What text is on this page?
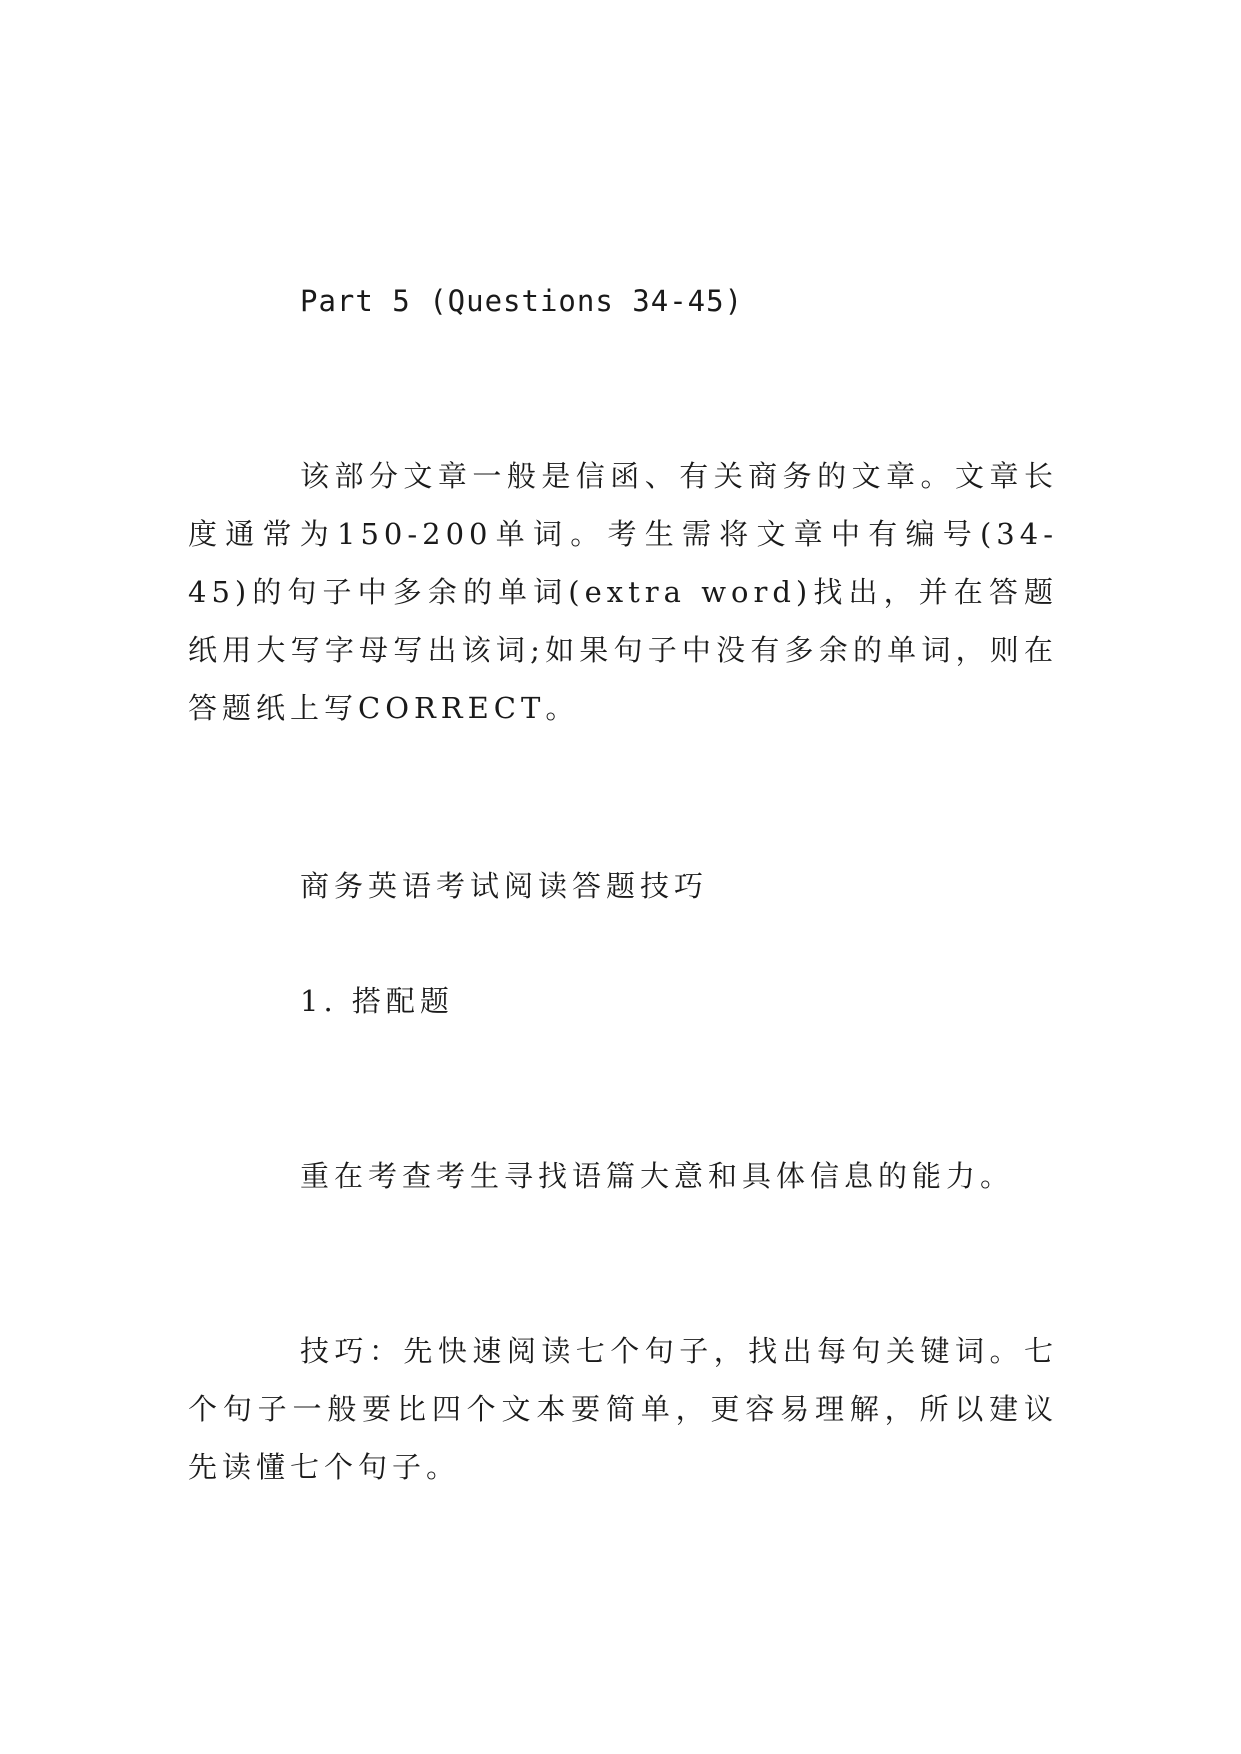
Part 5 (Questions 34-45)

该部分文章一般是信函、有关商务的文章。文章长度通常为150-200单词。考生需将文章中有编号(34-45)的句子中多余的单词(extra word)找出，并在答题纸用大写字母写出该词;如果句子中没有多余的单词，则在答题纸上写CORRECT。

商务英语考试阅读答题技巧

1. 搭配题

重在考查考生寻找语篇大意和具体信息的能力。

技巧：先快速阅读七个句子，找出每句关键词。七个句子一般要比四个文本要简单，更容易理解，所以建议先读懂七个句子。
